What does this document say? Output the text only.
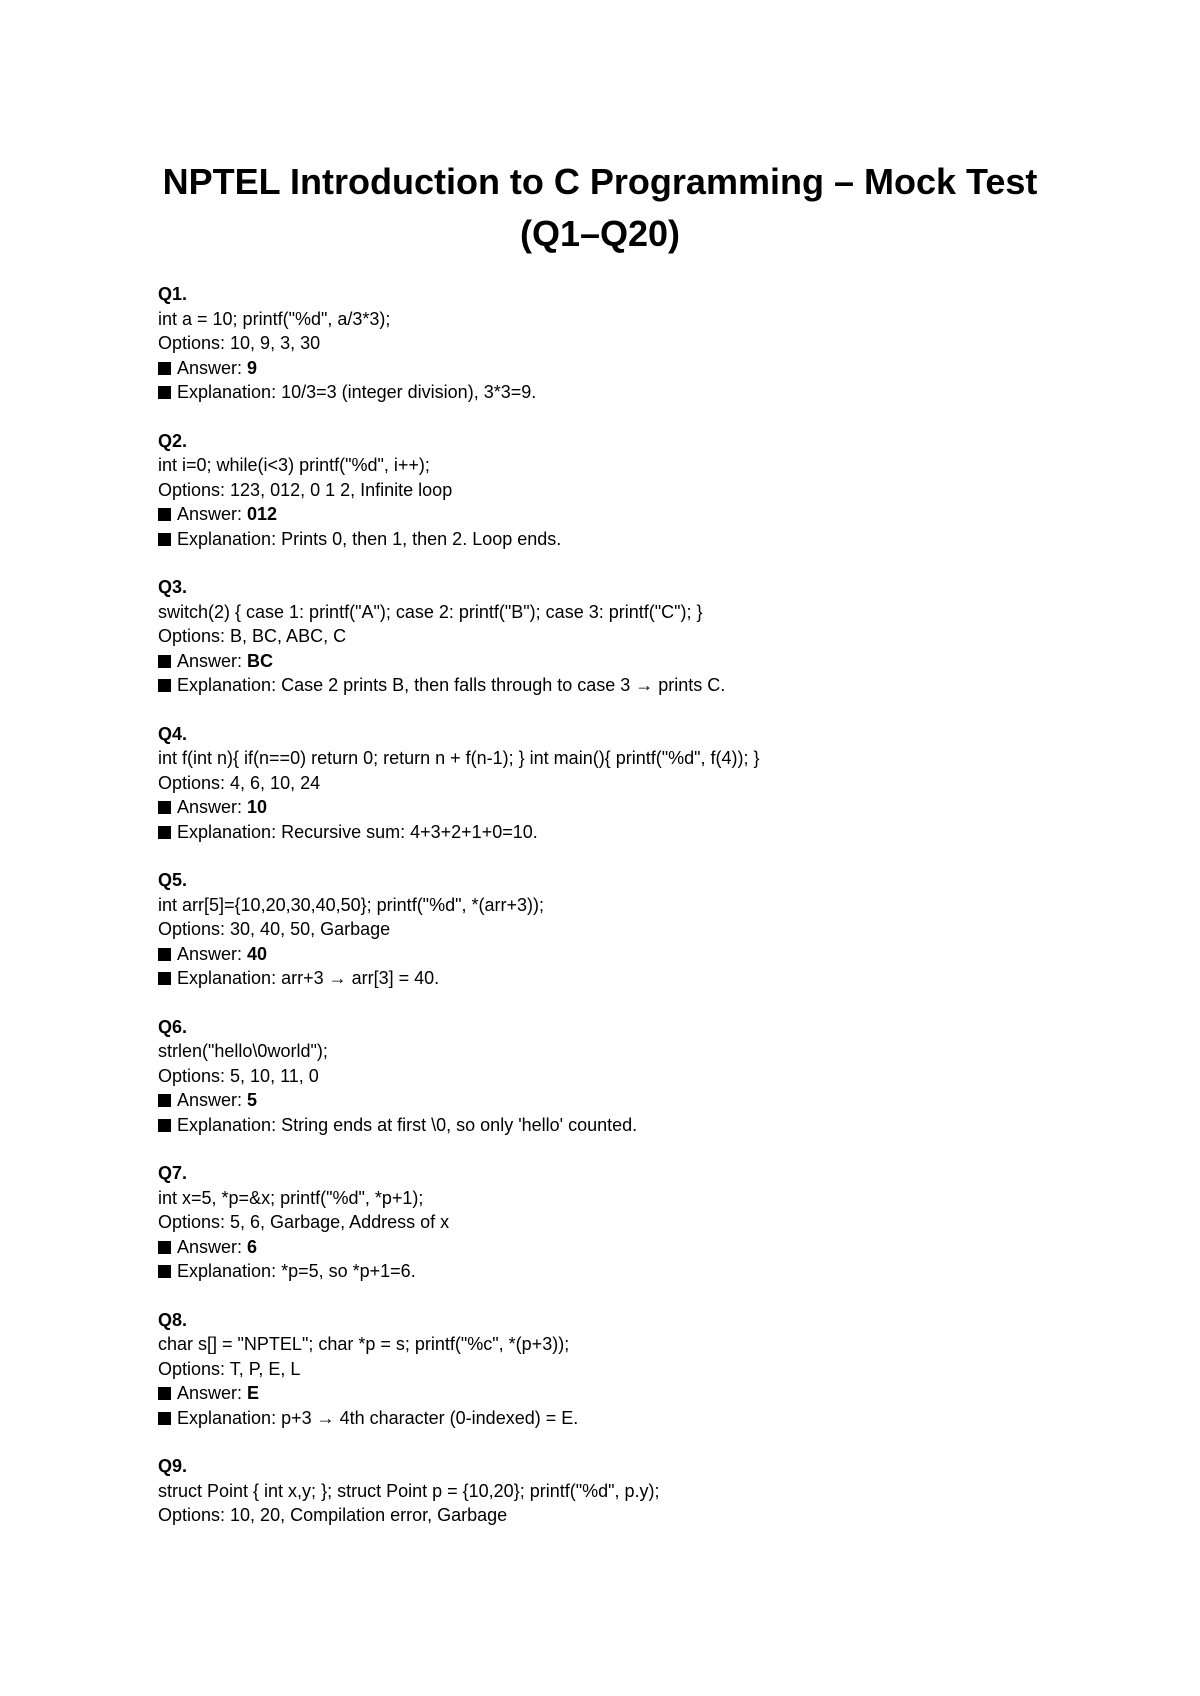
NPTEL Introduction to C Programming – Mock Test (Q1–Q20)
Q1.
int a = 10; printf("%d", a/3*3);
Options: 10, 9, 3, 30
Answer: 9
Explanation: 10/3=3 (integer division), 3*3=9.
Q2.
int i=0; while(i<3) printf("%d", i++);
Options: 123, 012, 0 1 2, Infinite loop
Answer: 012
Explanation: Prints 0, then 1, then 2. Loop ends.
Q3.
switch(2) { case 1: printf("A"); case 2: printf("B"); case 3: printf("C"); }
Options: B, BC, ABC, C
Answer: BC
Explanation: Case 2 prints B, then falls through to case 3 → prints C.
Q4.
int f(int n){ if(n==0) return 0; return n + f(n-1); } int main(){ printf("%d", f(4)); }
Options: 4, 6, 10, 24
Answer: 10
Explanation: Recursive sum: 4+3+2+1+0=10.
Q5.
int arr[5]={10,20,30,40,50}; printf("%d", *(arr+3));
Options: 30, 40, 50, Garbage
Answer: 40
Explanation: arr+3 → arr[3] = 40.
Q6.
strlen("hello\0world");
Options: 5, 10, 11, 0
Answer: 5
Explanation: String ends at first \0, so only 'hello' counted.
Q7.
int x=5, *p=&x; printf("%d", *p+1);
Options: 5, 6, Garbage, Address of x
Answer: 6
Explanation: *p=5, so *p+1=6.
Q8.
char s[] = "NPTEL"; char *p = s; printf("%c", *(p+3));
Options: T, P, E, L
Answer: E
Explanation: p+3 → 4th character (0-indexed) = E.
Q9.
struct Point { int x,y; }; struct Point p = {10,20}; printf("%d", p.y);
Options: 10, 20, Compilation error, Garbage
